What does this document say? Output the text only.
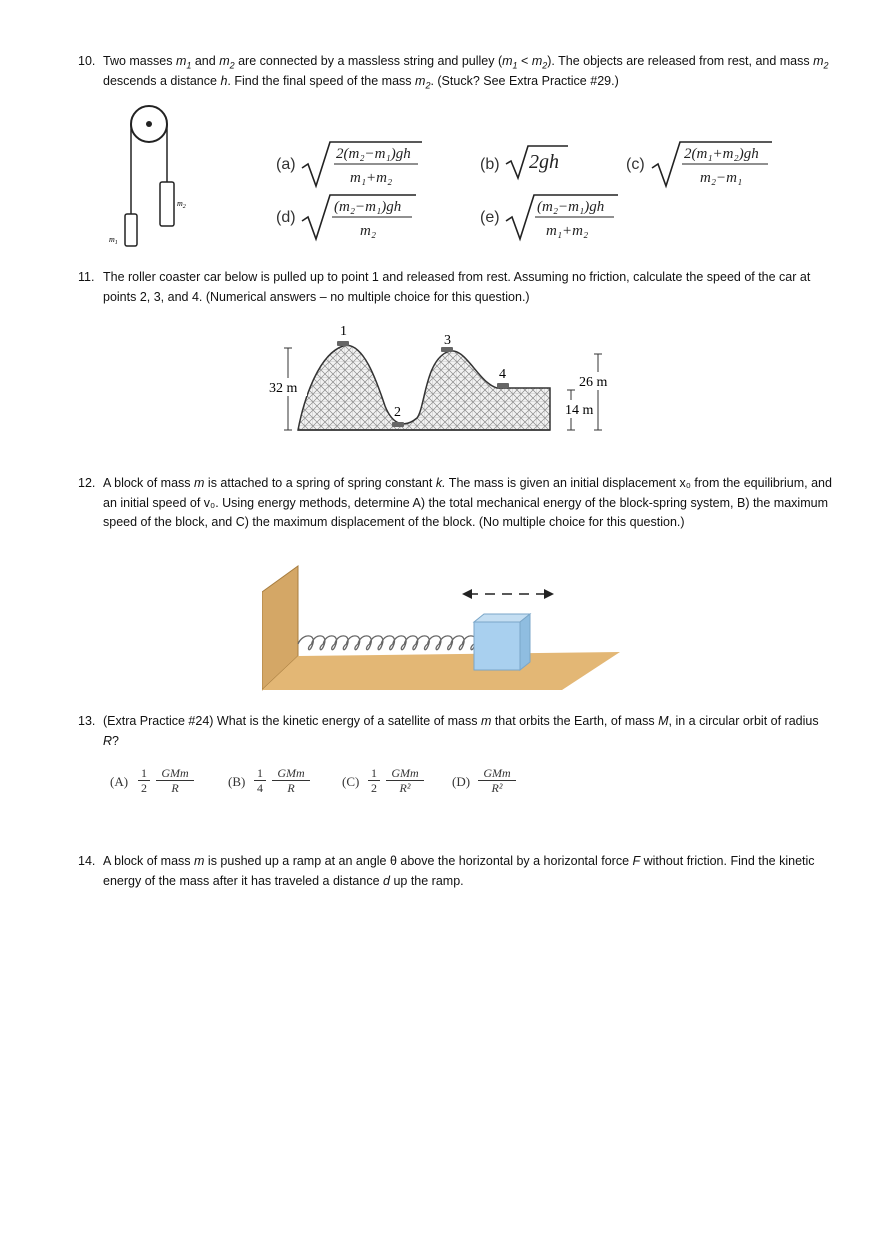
10. Two masses $m_1$ and $m_2$ are connected by a massless string and pulley $(m_1 < m_2)$. The objects are released from rest, and mass $m_2$ descends a distance h. Find the final speed of the mass $m_2$. (Stuck? See Extra Practice #29.)
$m_1$
$m_2$
(a)
2(m₂−m₁)gh
m₁+m₂
(b) 2gh	(c)
2(m₁+m₂)gh
m₂−m₁
(d)
(m₂−m₁)gh
m₂
(e)
(m₂−m₁)gh
m₁+m₂
11. The roller coaster car below is pulled up to point 1 and released from rest. Assuming no friction, calculate the speed of the car at points 2, 3, and 4. (Numerical answers – no multiple choice for this question.)
1
2
3
4
32 m	26 m
14 m
12. A block of mass m is attached to a spring of spring constant k. The mass is given an initial displacement x₀ from the equilibrium, and an initial speed of v₀. Using energy methods, determine A) the total mechanical energy of the block-spring system, B) the maximum speed of the block, and C) the maximum displacement of the block. (No multiple choice for this question.)
13. (Extra Practice #24) What is the kinetic energy of a satellite of mass m that orbits the Earth, of mass M, in a circular orbit of radius R?
$(A) \frac{1}{2}$ GMm
R	$(B) \frac{1}{4}$ GMm
R	$(C) \frac{1}{2}$ GMm
R²	(D)
GMm
R²
14. A block of mass m is pushed up a ramp at an angle θ above the horizontal by a horizontal force F without friction. Find the kinetic energy of the mass after it has traveled a distance d up the ramp.
